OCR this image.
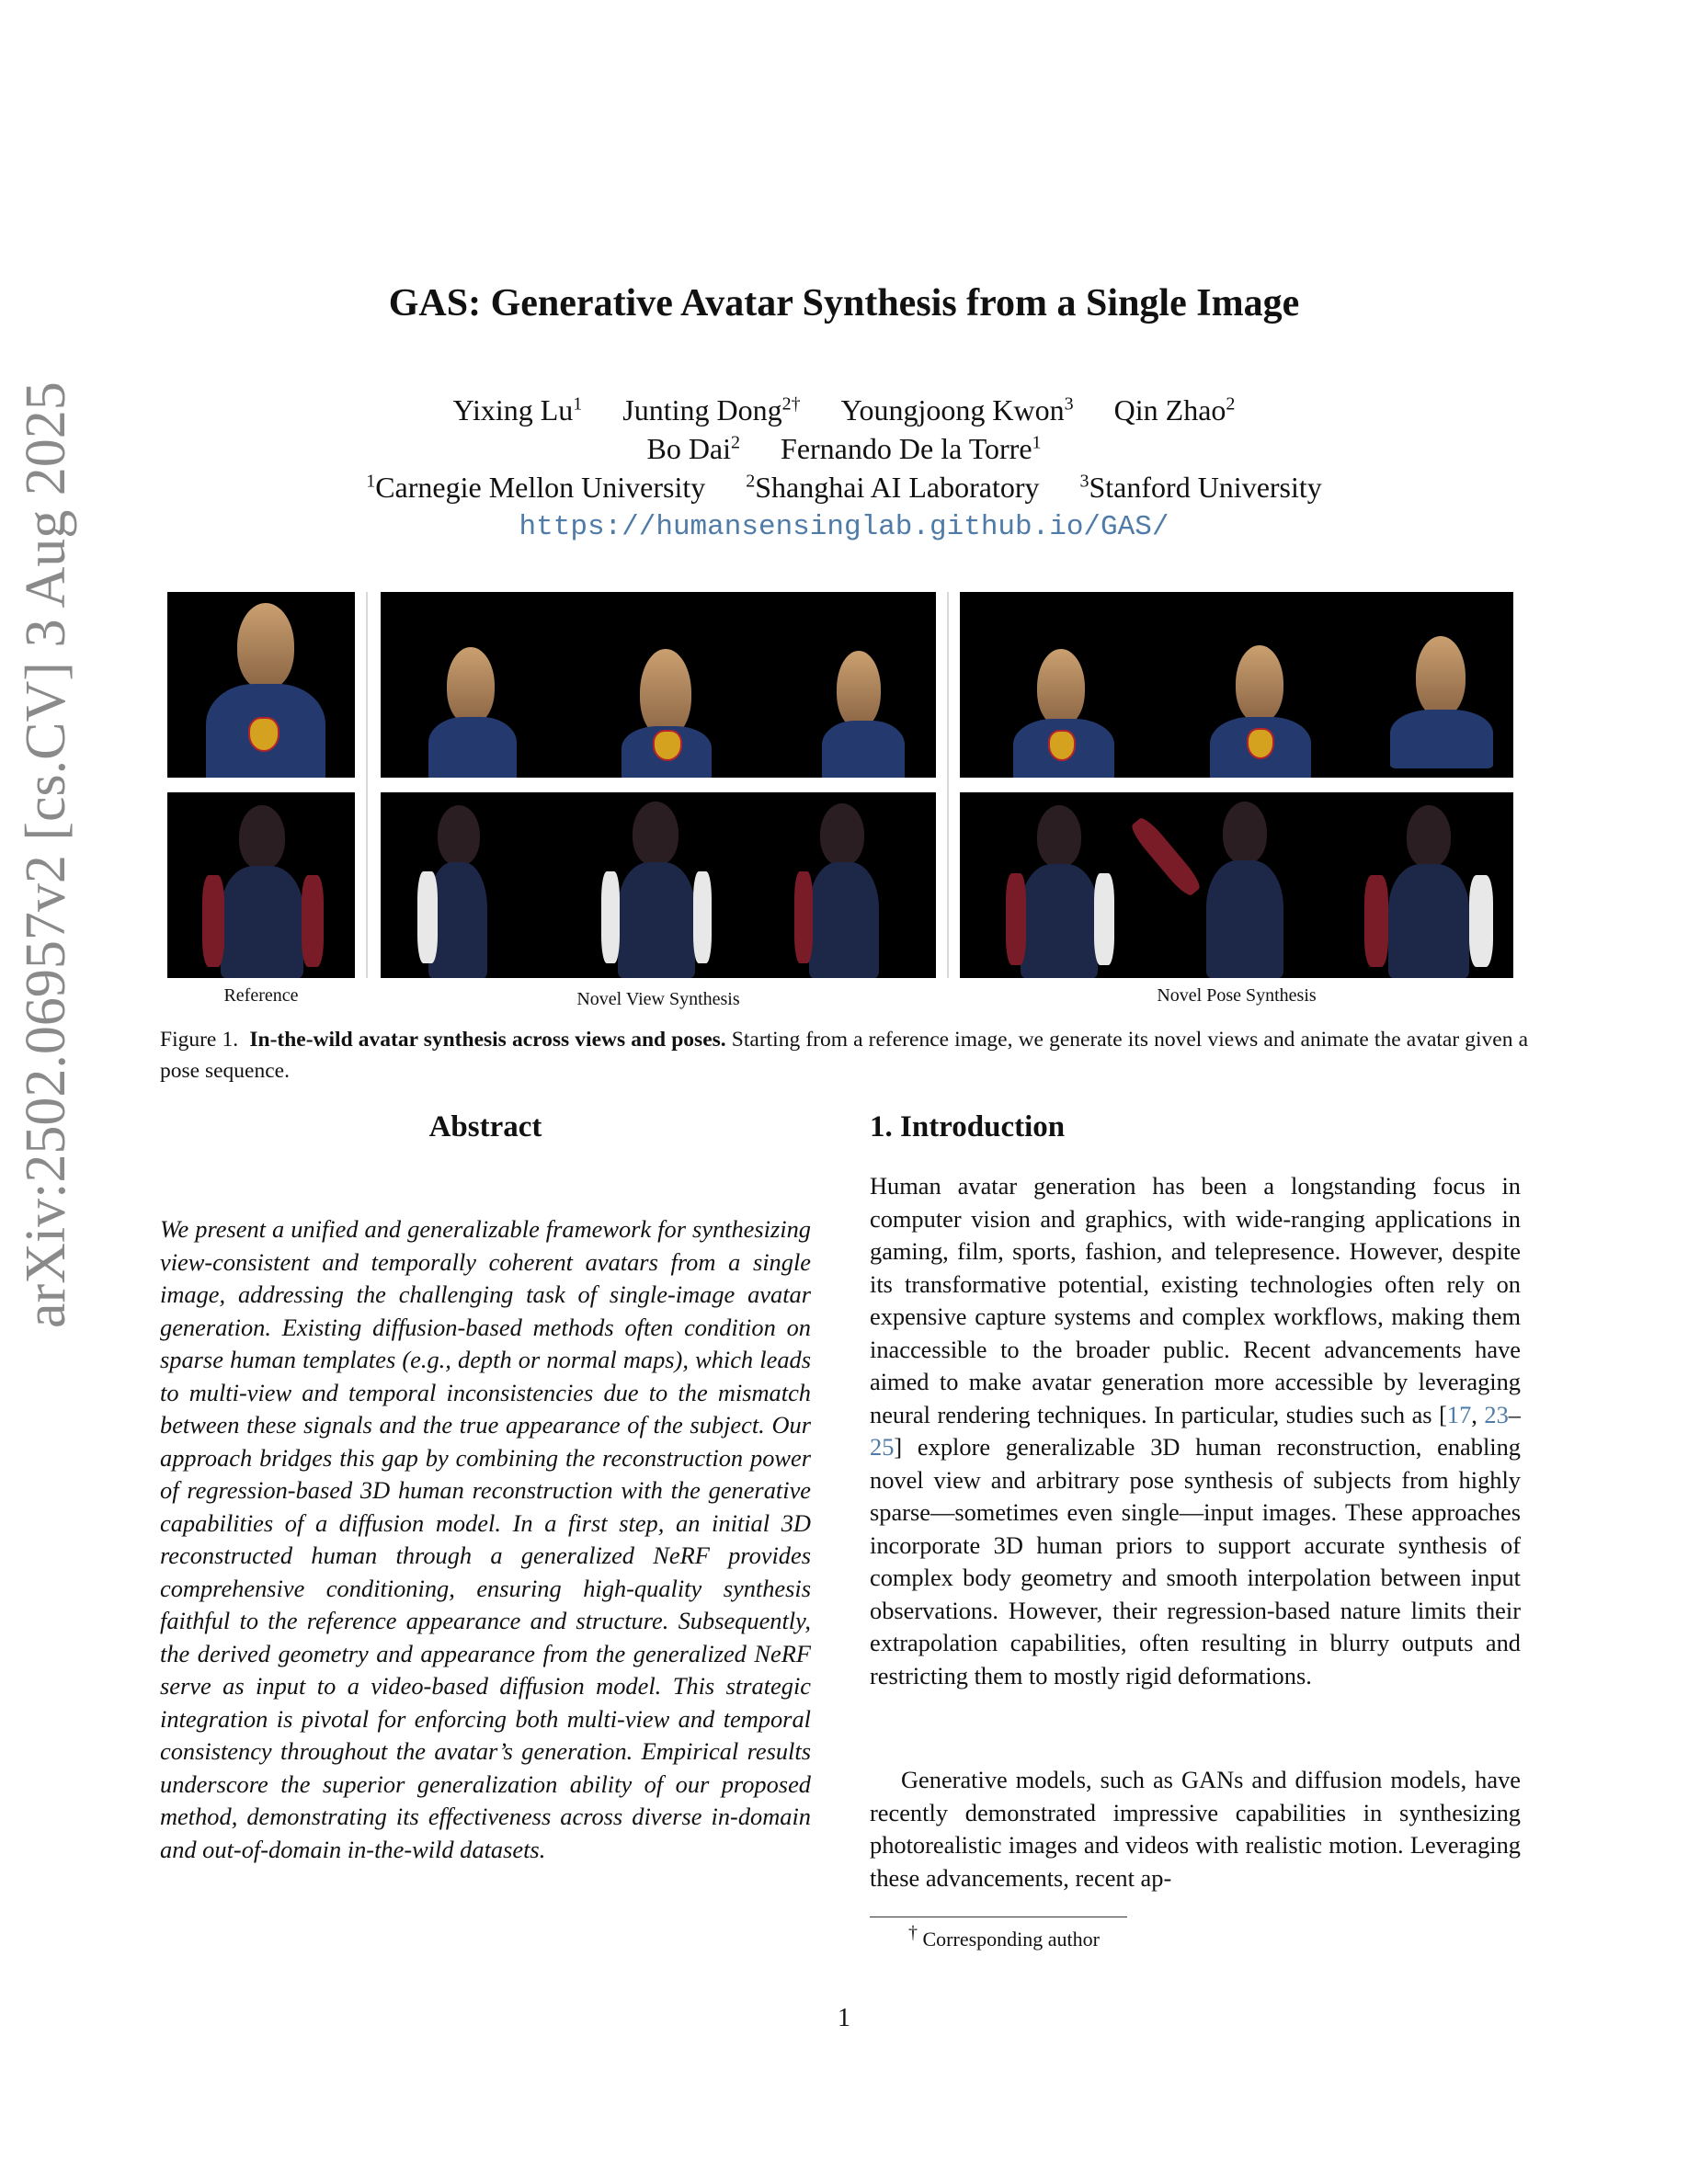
arXiv:2502.06957v2 [cs.CV] 3 Aug 2025
GAS: Generative Avatar Synthesis from a Single Image
Yixing Lu$^1$ Junting Dong$^{2\dagger}$ Youngjoong Kwon$^3$ Qin Zhao$^2$
Bo Dai$^2$ Fernando De la Torre$^1$
$^1$Carnegie Mellon University $^2$Shanghai AI Laboratory $^3$Stanford University
https://humansensinglab.github.io/GAS/
Reference	Novel View Synthesis	Novel Pose Synthesis
Figure 1. In-the-wild avatar synthesis across views and poses. Starting from a reference image, we generate its novel views and animate the avatar given a pose sequence.
Abstract
We present a unified and generalizable framework for synthesizing view-consistent and temporally coherent avatars from a single image, addressing the challenging task of single-image avatar generation. Existing diffusion-based methods often condition on sparse human templates (e.g., depth or normal maps), which leads to multi-view and temporal inconsistencies due to the mismatch between these signals and the true appearance of the subject. Our approach bridges this gap by combining the reconstruction power of regression-based 3D human reconstruction with the generative capabilities of a diffusion model. In a first step, an initial 3D reconstructed human through a generalized NeRF provides comprehensive conditioning, ensuring high-quality synthesis faithful to the reference appearance and structure. Subsequently, the derived geometry and appearance from the generalized NeRF serve as input to a video-based diffusion model. This strategic integration is pivotal for enforcing both multi-view and temporal consistency throughout the avatar’s generation. Empirical results underscore the superior generalization ability of our proposed method, demonstrating its effectiveness across diverse in-domain and out-of-domain in-the-wild datasets.
1. Introduction
Human avatar generation has been a longstanding focus in computer vision and graphics, with wide-ranging applications in gaming, film, sports, fashion, and telepresence. However, despite its transformative potential, existing technologies often rely on expensive capture systems and complex workflows, making them inaccessible to the broader public. Recent advancements have aimed to make avatar generation more accessible by leveraging neural rendering techniques. In particular, studies such as [17, 23–25] explore generalizable 3D human reconstruction, enabling novel view and arbitrary pose synthesis of subjects from highly sparse—sometimes even single—input images. These approaches incorporate 3D human priors to support accurate synthesis of complex body geometry and smooth interpolation between input observations. However, their regression-based nature limits their extrapolation capabilities, often resulting in blurry outputs and restricting them to mostly rigid deformations.
Generative models, such as GANs and diffusion models, have recently demonstrated impressive capabilities in synthesizing photorealistic images and videos with realistic motion. Leveraging these advancements, recent ap-
† Corresponding author
1
